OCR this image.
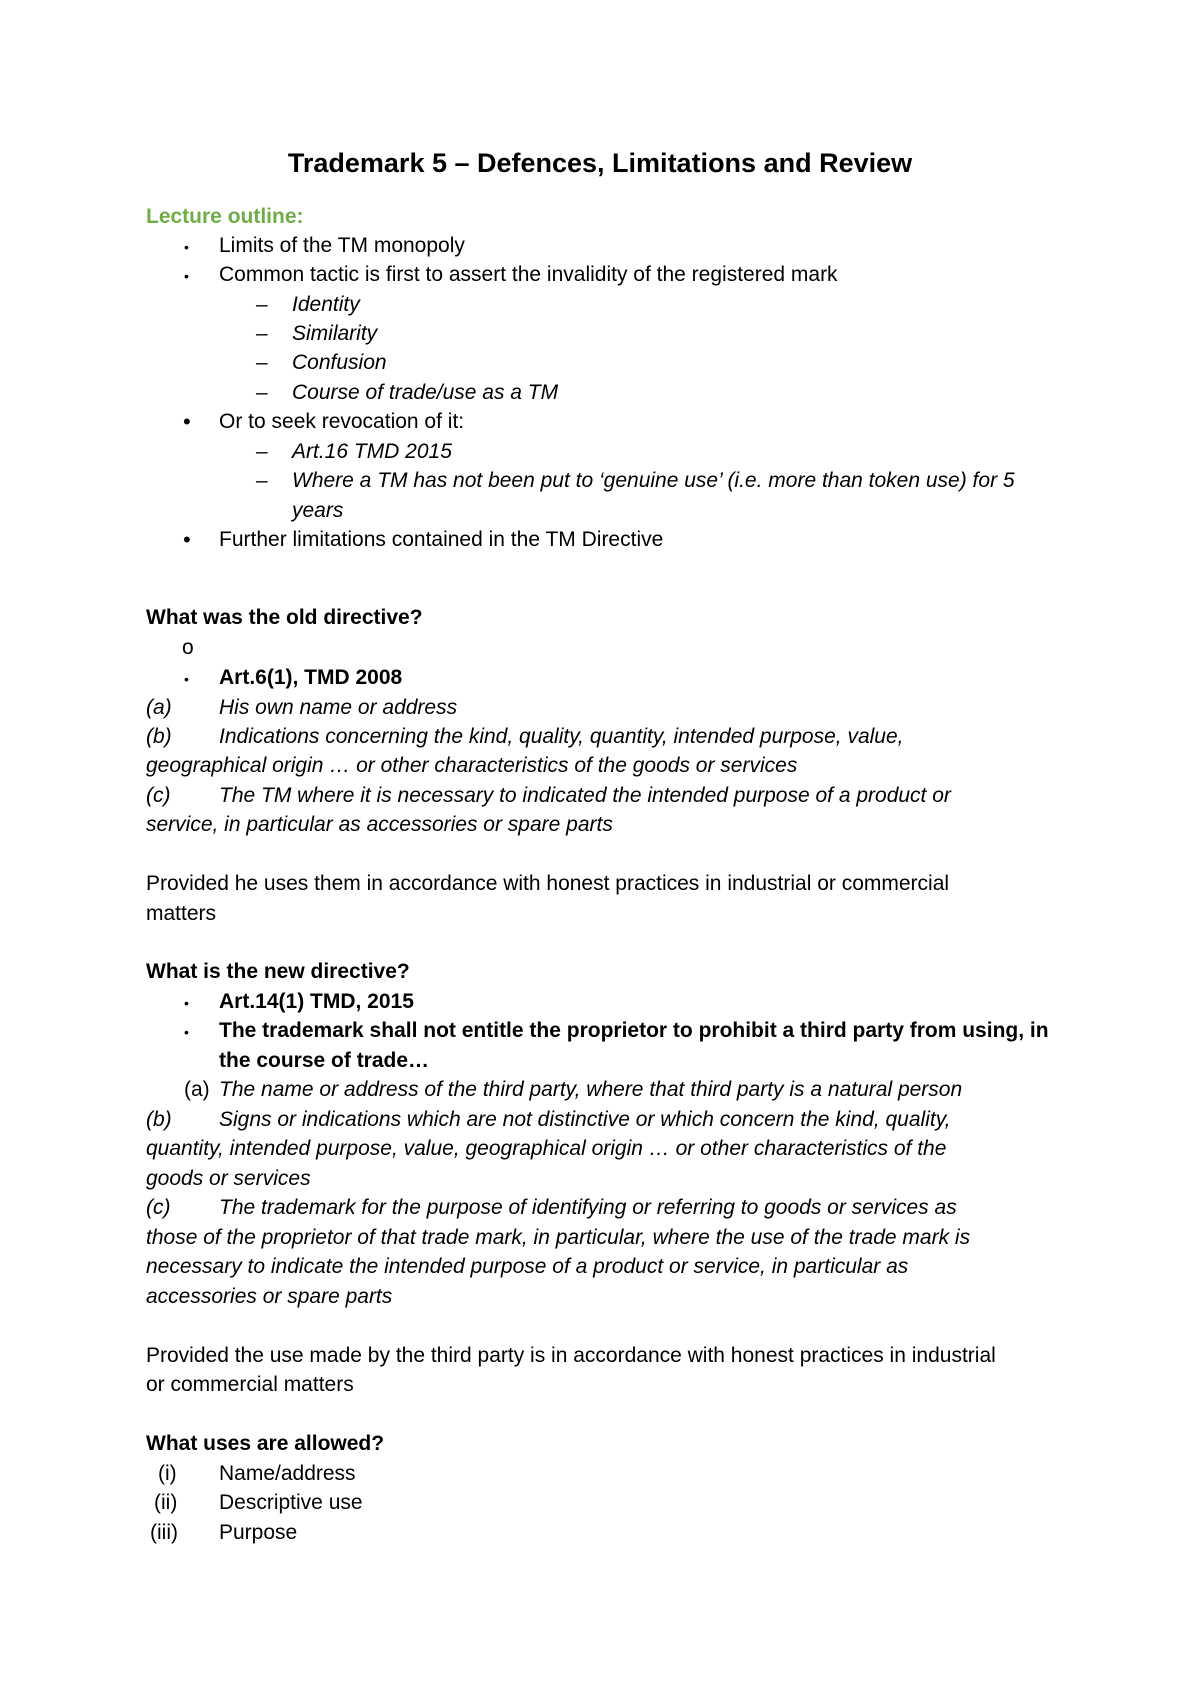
Trademark 5 – Defences, Limitations and Review
Lecture outline:
• Limits of the TM monopoly
• Common tactic is first to assert the invalidity of the registered mark
– Identity
– Similarity
– Confusion
– Course of trade/use as a TM
• Or to seek revocation of it:
– Art.16 TMD 2015
– Where a TM has not been put to ‘genuine use’ (i.e. more than token use) for 5
years
• Further limitations contained in the TM Directive
What was the old directive?
o
• Art.6(1), TMD 2008
(a) His own name or address
(b) Indications concerning the kind, quality, quantity, intended purpose, value,
geographical origin … or other characteristics of the goods or services
(c) The TM where it is necessary to indicated the intended purpose of a product or
service, in particular as accessories or spare parts
Provided he uses them in accordance with honest practices in industrial or commercial
matters
What is the new directive?
• Art.14(1) TMD, 2015
• The trademark shall not entitle the proprietor to prohibit a third party from using, in
the course of trade…
(a) The name or address of the third party, where that third party is a natural person
(b) Signs or indications which are not distinctive or which concern the kind, quality,
quantity, intended purpose, value, geographical origin … or other characteristics of the
goods or services
(c) The trademark for the purpose of identifying or referring to goods or services as
those of the proprietor of that trade mark, in particular, where the use of the trade mark is
necessary to indicate the intended purpose of a product or service, in particular as
accessories or spare parts
Provided the use made by the third party is in accordance with honest practices in industrial
or commercial matters
What uses are allowed?
(i) Name/address
(ii) Descriptive use
(iii) Purpose
